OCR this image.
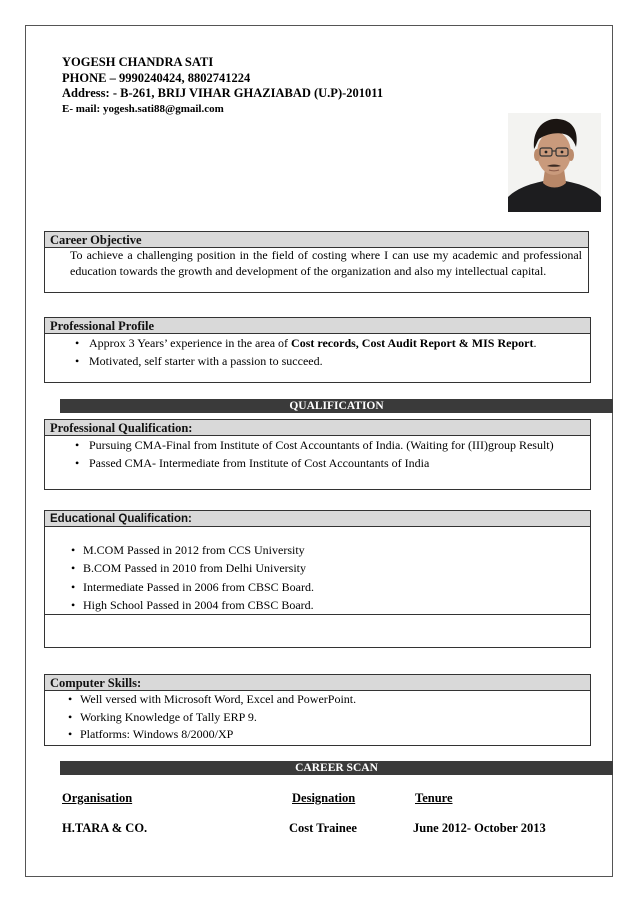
YOGESH CHANDRA SATI
PHONE – 9990240424, 8802741224
Address: - B-261, BRIJ VIHAR GHAZIABAD (U.P)-201011
E- mail: yogesh.sati88@gmail.com
Career Objective
To achieve a challenging position in the field of costing where I can use my academic and professional education towards the growth and development of the organization and also my intellectual capital.
Professional Profile
• Approx 3 Years’ experience in the area of Cost records, Cost Audit Report & MIS Report.
• Motivated, self starter with a passion to succeed.
QUALIFICATION
Professional Qualification:
• Pursuing CMA-Final from Institute of Cost Accountants of India. (Waiting for (III)group Result)
• Passed CMA- Intermediate from Institute of Cost Accountants of India
Educational Qualification:
• M.COM Passed in 2012 from CCS University
• B.COM Passed in 2010 from Delhi University
• Intermediate Passed in 2006 from CBSC Board.
• High School Passed in 2004 from CBSC Board.
Computer Skills:
• Well versed with Microsoft Word, Excel and PowerPoint.
• Working Knowledge of Tally ERP 9.
• Platforms: Windows 8/2000/XP
CAREER SCAN
Organisation	Designation	Tenure
H.TARA & CO.	Cost Trainee	June 2012- October 2013
